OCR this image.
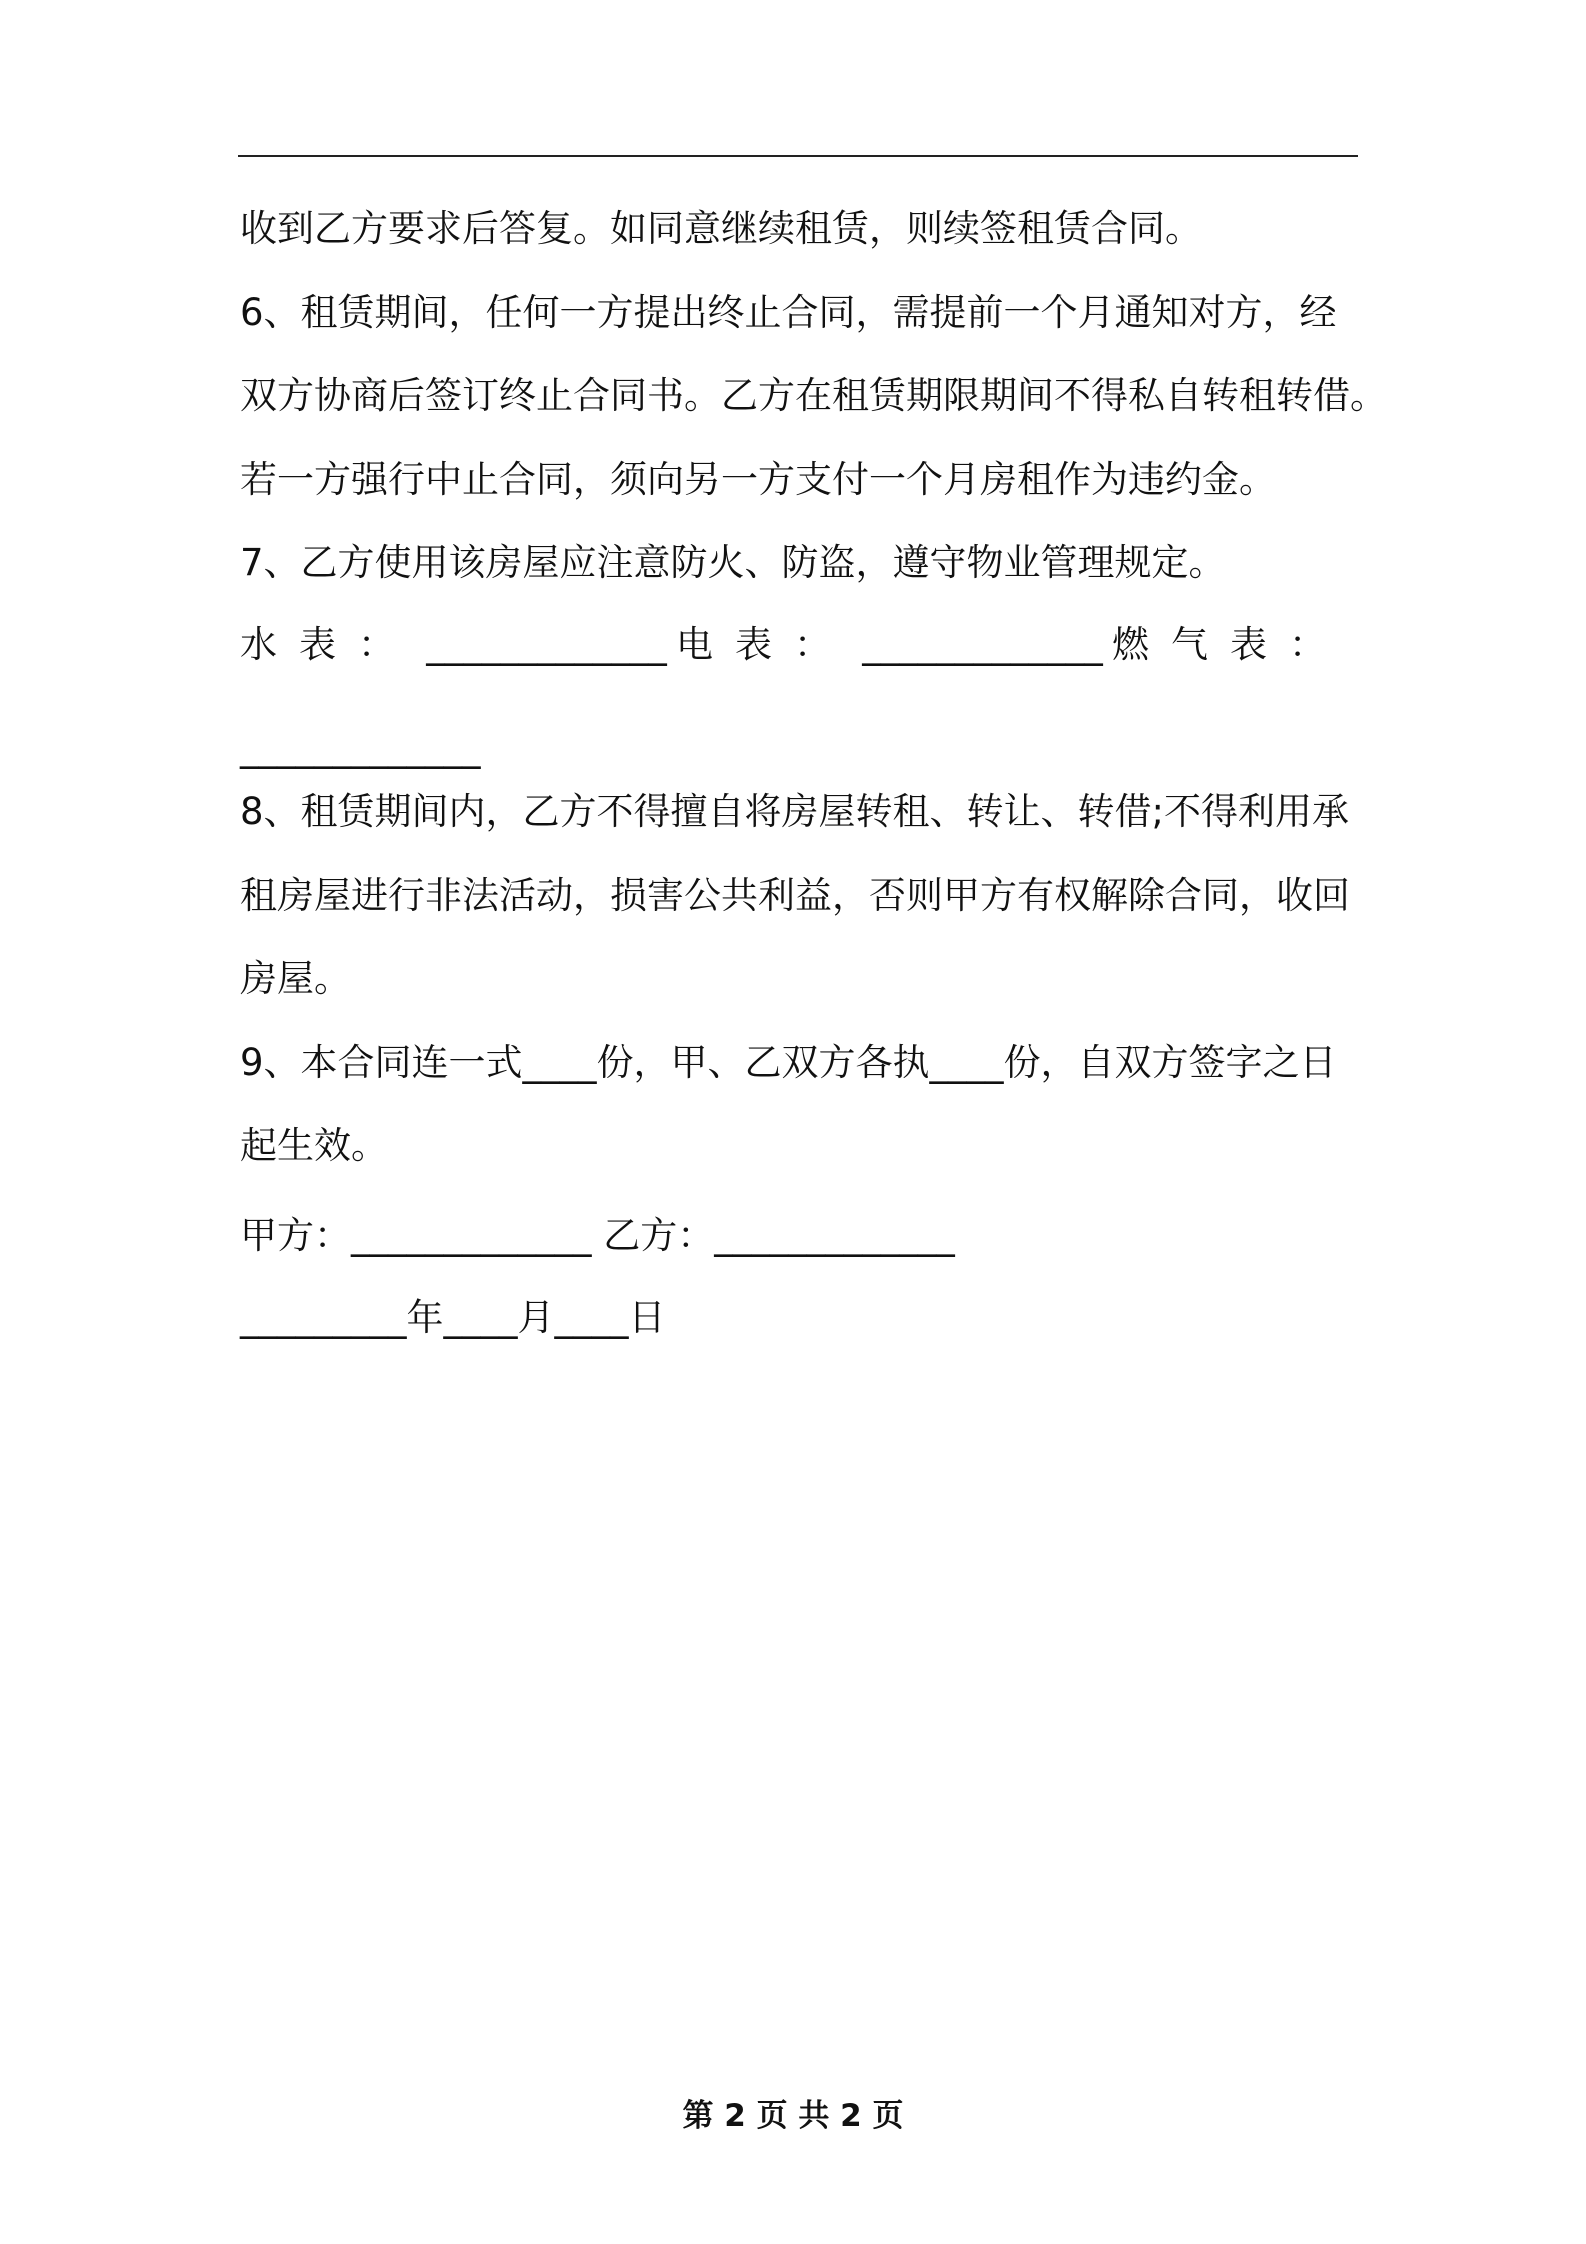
收到乙方要求后答复。如同意继续租赁，则续签租赁合同。
6、租赁期间，任何一方提出终止合同，需提前一个月通知对方，经
双方协商后签订终止合同书。乙方在租赁期限期间不得私自转租转借。
若一方强行中止合同，须向另一方支付一个月房租作为违约金。
7、乙方使用该房屋应注意防火、防盗，遵守物业管理规定。
水表： _____________ 电表： _____________ 燃气表：
_____________
8、租赁期间内，乙方不得擅自将房屋转租、转让、转借;不得利用承
租房屋进行非法活动，损害公共利益，否则甲方有权解除合同，收回
房屋。
9、本合同连一式____份，甲、乙双方各执____份，自双方签字之日
起生效。
甲方：_____________ 乙方：_____________
_________年____月____日
第 2 页 共 2 页
